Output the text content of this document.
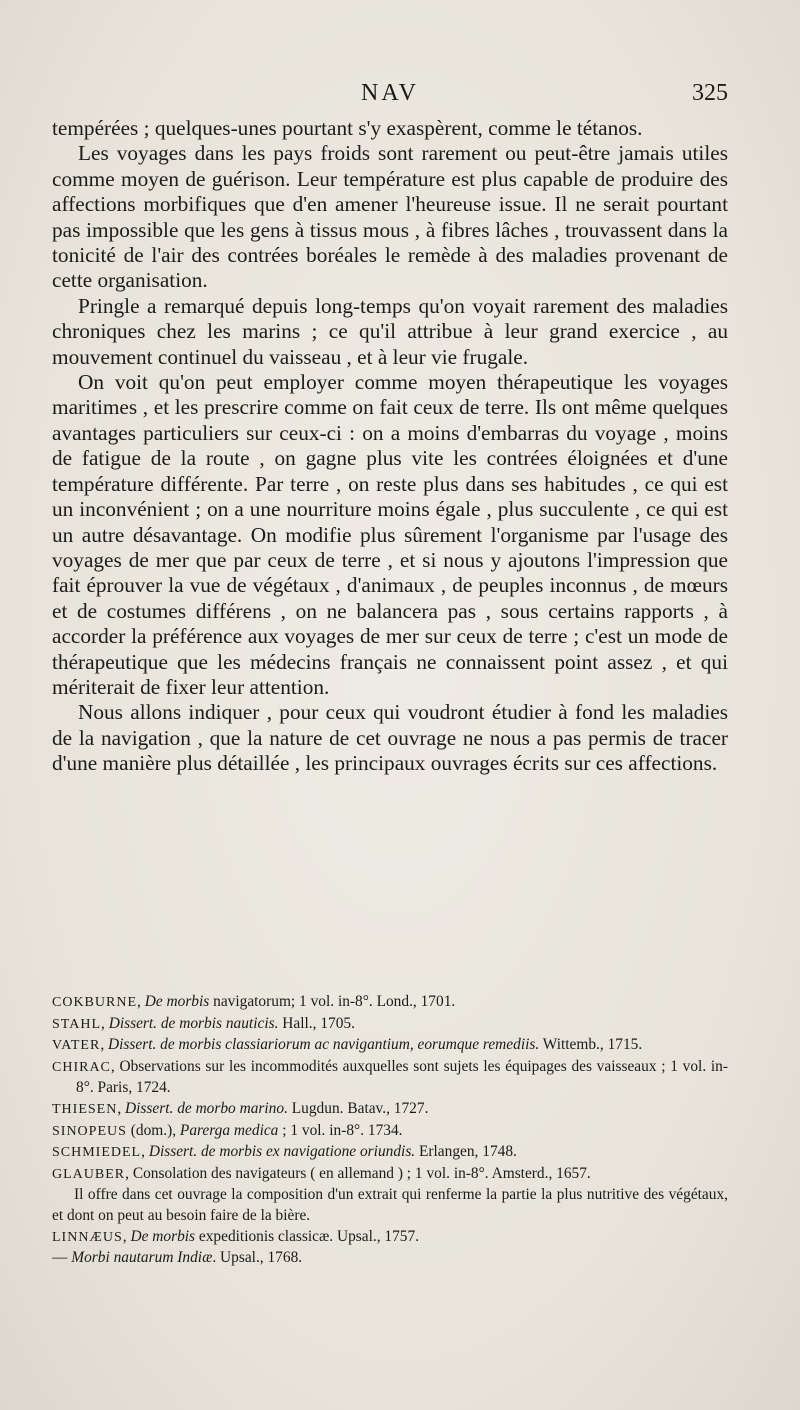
NAV	325

tempérées ; quelques-unes pourtant s'y exaspèrent, comme le tétanos.

Les voyages dans les pays froids sont rarement ou peut-être jamais utiles comme moyen de guérison. Leur température est plus capable de produire des affections morbifiques que d'en amener l'heureuse issue. Il ne serait pourtant pas impossible que les gens à tissus mous , à fibres lâches , trouvassent dans la tonicité de l'air des contrées boréales le remède à des maladies provenant de cette organisation.

Pringle a remarqué depuis long-temps qu'on voyait rarement des maladies chroniques chez les marins ; ce qu'il attribue à leur grand exercice , au mouvement continuel du vaisseau , et à leur vie frugale.

On voit qu'on peut employer comme moyen thérapeutique les voyages maritimes , et les prescrire comme on fait ceux de terre. Ils ont même quelques avantages particuliers sur ceux-ci : on a moins d'embarras du voyage , moins de fatigue de la route , on gagne plus vite les contrées éloignées et d'une température différente. Par terre , on reste plus dans ses habitudes , ce qui est un inconvénient ; on a une nourriture moins égale , plus succulente , ce qui est un autre désavantage. On modifie plus sûrement l'organisme par l'usage des voyages de mer que par ceux de terre , et si nous y ajoutons l'impression que fait éprouver la vue de végétaux , d'animaux , de peuples inconnus , de mœurs et de costumes différens , on ne balancera pas , sous certains rapports , à accorder la préférence aux voyages de mer sur ceux de terre ; c'est un mode de thérapeutique que les médecins français ne connaissent point assez , et qui mériterait de fixer leur attention.

Nous allons indiquer , pour ceux qui voudront étudier à fond les maladies de la navigation , que la nature de cet ouvrage ne nous a pas permis de tracer d'une manière plus détaillée , les principaux ouvrages écrits sur ces affections.

COKBURNE, De morbis navigatorum; 1 vol. in-8°. Lond., 1701.

STAHL, Dissert. de morbis nauticis. Hall., 1705.

VATER, Dissert. de morbis classiariorum ac navigantium, eorumque remediis. Wittemb., 1715.

CHIRAC, Observations sur les incommodités auxquelles sont sujets les équipages des vaisseaux ; 1 vol. in-8°. Paris, 1724.

THIESEN, Dissert. de morbo marino. Lugdun. Batav., 1727.

SINOPEUS (dom.), Parerga medica ; 1 vol. in-8°. 1734.

SCHMIEDEL, Dissert. de morbis ex navigatione oriundis. Erlangen, 1748.

GLAUBER, Consolation des navigateurs ( en allemand ) ; 1 vol. in-8°. Amsterd., 1657.

Il offre dans cet ouvrage la composition d'un extrait qui renferme la partie la plus nutritive des végétaux, et dont on peut au besoin faire de la bière.

LINNÆUS, De morbis expeditionis classicæ. Upsal., 1757.

— Morbi nautarum Indiæ. Upsal., 1768.
